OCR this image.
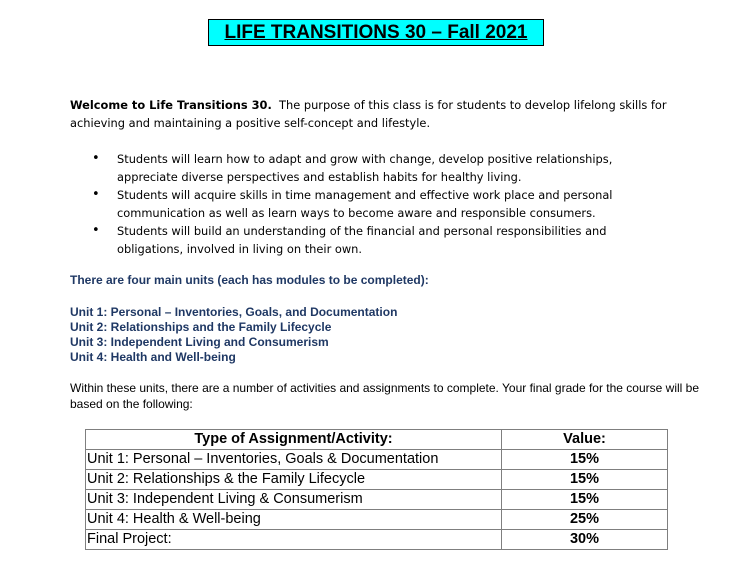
LIFE TRANSITIONS 30 – Fall 2021
Welcome to Life Transitions 30. The purpose of this class is for students to develop lifelong skills for achieving and maintaining a positive self-concept and lifestyle.
• Students will learn how to adapt and grow with change, develop positive relationships, appreciate diverse perspectives and establish habits for healthy living.
• Students will acquire skills in time management and effective work place and personal communication as well as learn ways to become aware and responsible consumers.
• Students will build an understanding of the financial and personal responsibilities and obligations, involved in living on their own.
There are four main units (each has modules to be completed):
Unit 1: Personal – Inventories, Goals, and Documentation
Unit 2: Relationships and the Family Lifecycle
Unit 3: Independent Living and Consumerism
Unit 4: Health and Well-being
Within these units, there are a number of activities and assignments to complete. Your final grade for the course will be based on the following:
Type of Assignment/Activity:	Value:
Unit 1: Personal – Inventories, Goals & Documentation	15%
Unit 2: Relationships & the Family Lifecycle	15%
Unit 3: Independent Living & Consumerism	15%
Unit 4: Health & Well-being	25%
Final Project:	30%
